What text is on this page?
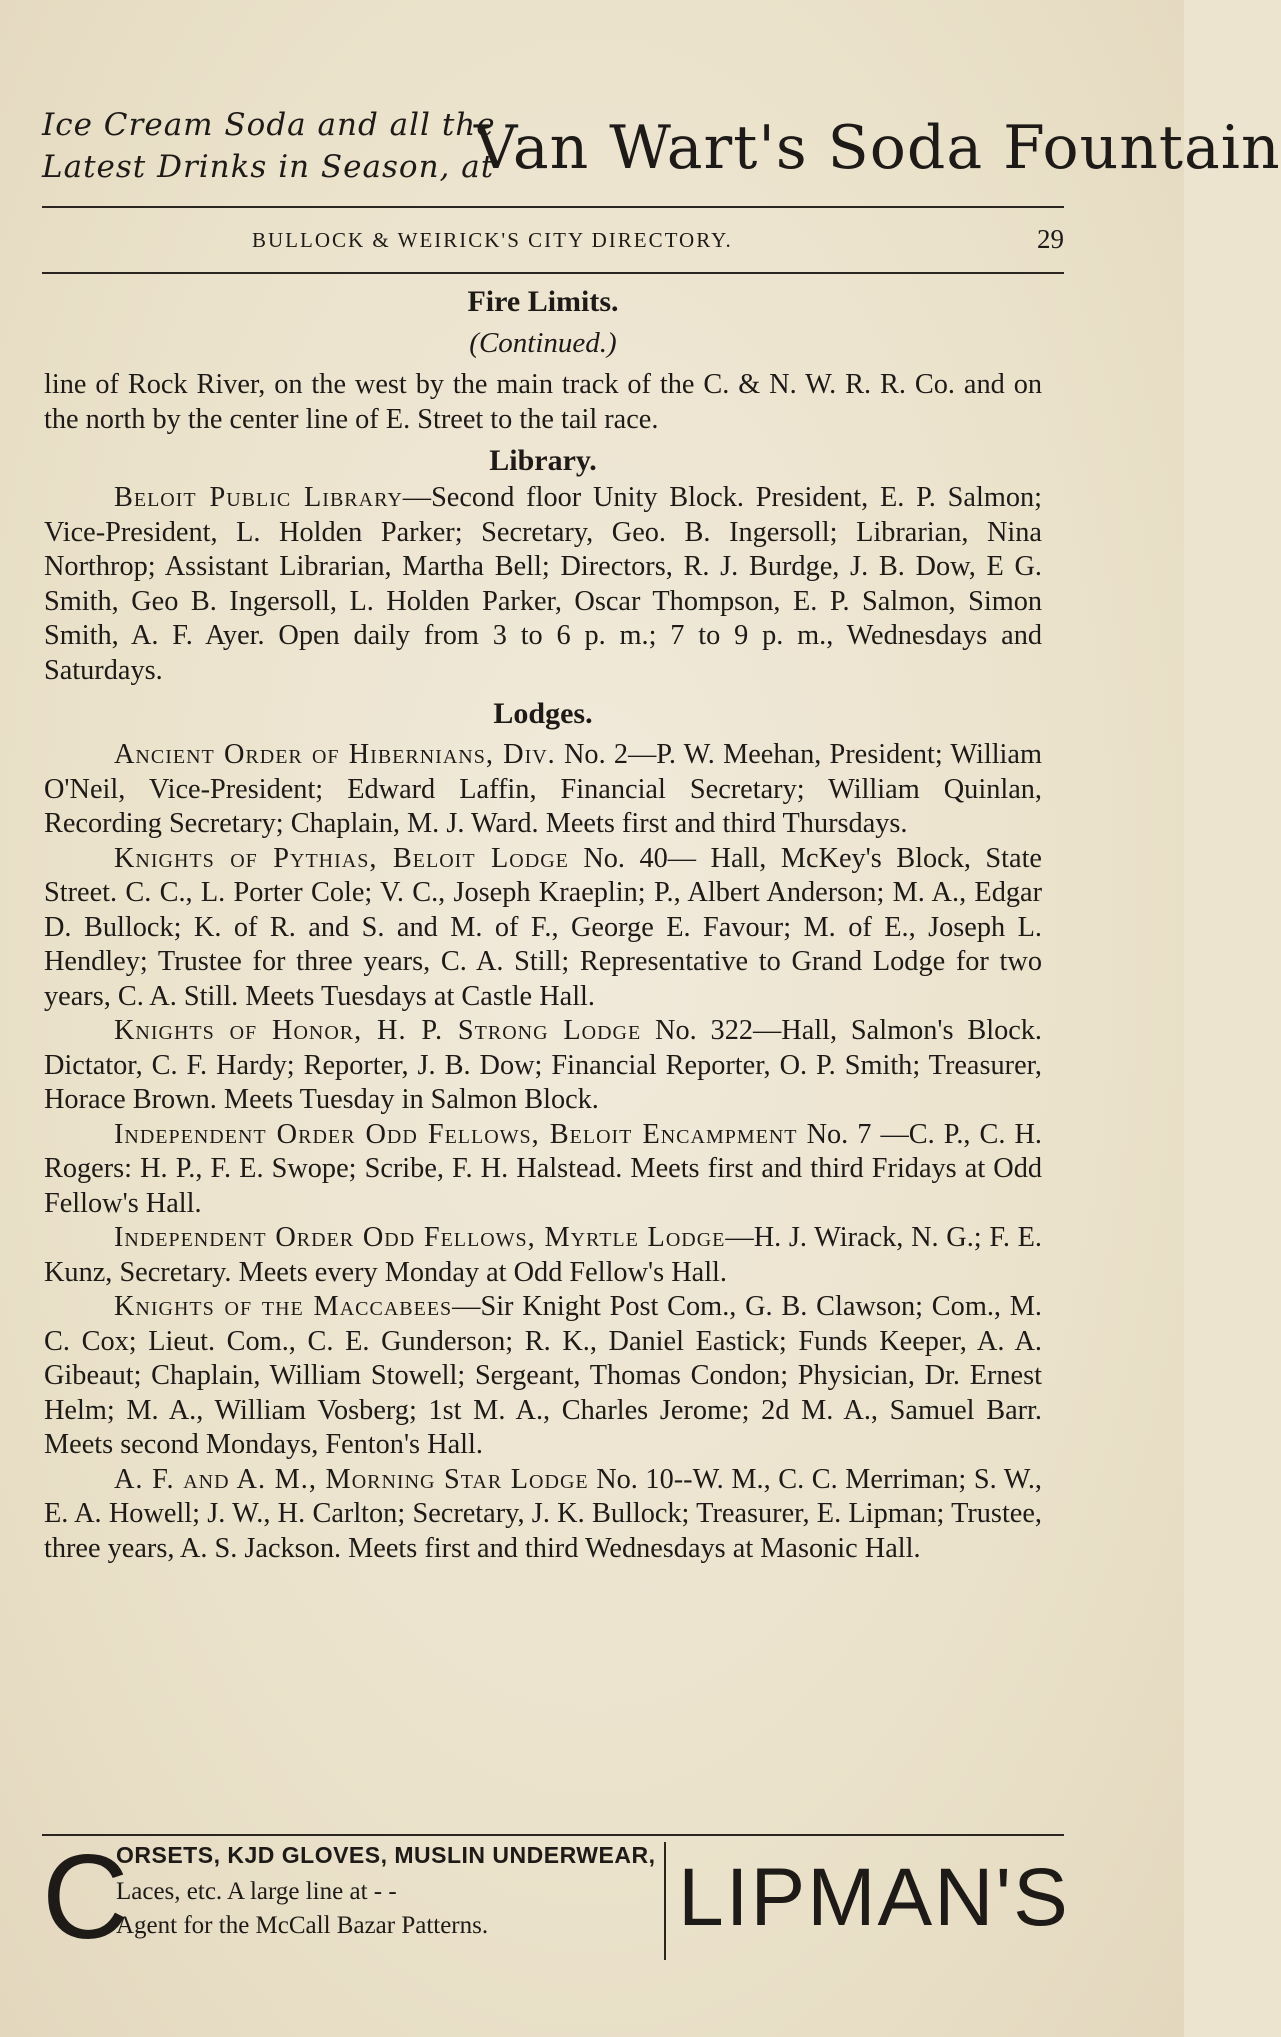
Ice Cream Soda and all the
Latest Drinks in Season, at
Van Wart's Soda Fountain
BULLOCK & WEIRICK'S CITY DIRECTORY.	29
Fire Limits.
(Continued.)

line of Rock River, on the west by the main track of the C. & N. W. R. R. Co. and on the north by the center line of E. Street to the tail race.

Library.

Beloit Public Library—Second floor Unity Block. President, E. P. Salmon; Vice-President, L. Holden Parker; Secretary, Geo. B. Ingersoll; Librarian, Nina Northrop; Assistant Librarian, Martha Bell; Directors, R. J. Burdge, J. B. Dow, E G. Smith, Geo B. Ingersoll, L. Holden Parker, Oscar Thompson, E. P. Salmon, Simon Smith, A. F. Ayer. Open daily from 3 to 6 p. m.; 7 to 9 p. m., Wednesdays and Saturdays.

Lodges.

Ancient Order of Hibernians, Div. No. 2—P. W. Meehan, President; William O'Neil, Vice-President; Edward Laffin, Financial Secretary; William Quinlan, Recording Secretary; Chaplain, M. J. Ward. Meets first and third Thursdays.

Knights of Pythias, Beloit Lodge No. 40— Hall, McKey's Block, State Street. C. C., L. Porter Cole; V. C., Joseph Kraeplin; P., Albert Anderson; M. A., Edgar D. Bullock; K. of R. and S. and M. of F., George E. Favour; M. of E., Joseph L. Hendley; Trustee for three years, C. A. Still; Representative to Grand Lodge for two years, C. A. Still. Meets Tuesdays at Castle Hall.

Knights of Honor, H. P. Strong Lodge No. 322—Hall, Salmon's Block. Dictator, C. F. Hardy; Reporter, J. B. Dow; Financial Reporter, O. P. Smith; Treasurer, Horace Brown. Meets Tuesday in Salmon Block.

Independent Order Odd Fellows, Beloit Encampment No. 7 —C. P., C. H. Rogers: H. P., F. E. Swope; Scribe, F. H. Halstead. Meets first and third Fridays at Odd Fellow's Hall.

Independent Order Odd Fellows, Myrtle Lodge—H. J. Wirack, N. G.; F. E. Kunz, Secretary. Meets every Monday at Odd Fellow's Hall.

Knights of the Maccabees—Sir Knight Post Com., G. B. Clawson; Com., M. C. Cox; Lieut. Com., C. E. Gunderson; R. K., Daniel Eastick; Funds Keeper, A. A. Gibeaut; Chaplain, William Stowell; Sergeant, Thomas Condon; Physician, Dr. Ernest Helm; M. A., William Vosberg; 1st M. A., Charles Jerome; 2d M. A., Samuel Barr. Meets second Mondays, Fenton's Hall.

A. F. and A. M., Morning Star Lodge No. 10--W. M., C. C. Merriman; S. W., E. A. Howell; J. W., H. Carlton; Secretary, J. K. Bullock; Treasurer, E. Lipman; Trustee, three years, A. S. Jackson. Meets first and third Wednesdays at Masonic Hall.

C
ORSETS, KJD GLOVES, MUSLIN UNDERWEAR,
Laces, etc. A large line at - -
Agent for the McCall Bazar Patterns. LIPMAN'S
